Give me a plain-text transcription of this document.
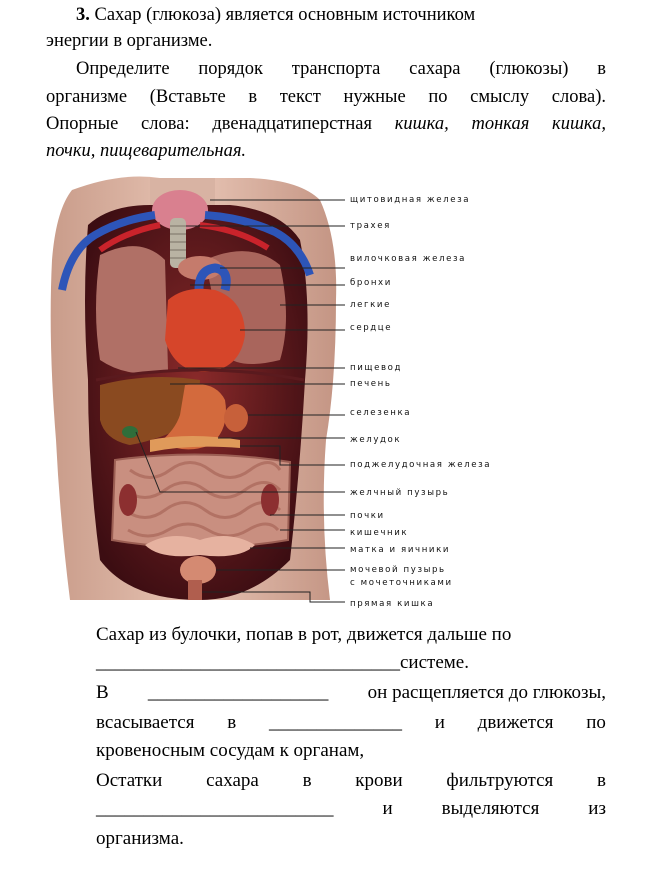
3. Сахар (глюкоза) является основным источником
энергии в организме.
Определите порядок транспорта сахара (глюкозы) в
организме (Вставьте в текст нужные по смыслу слова).
Опорные слова: двенадцатиперстная кишка, тонкая кишка,
почки, пищеварительная.
щитовидная железа
трахея
вилочковая железа
бронхи
легкие
сердце
пищевод
печень
селезенка
желудок
поджелудочная железа
желчный пузырь
почки
кишечник
матка и яичники
мочевой пузырь
с мочеточниками
прямая кишка
Сахар из булочки, попав в рот, движется дальше по
________________________________ системе.
В ___________________ он расщепляется до глюкозы,
всасывается в ______________ и движется по
кровеносным сосудам к органам,
Остатки сахара в крови фильтруются в
_________________________	и	выделяются	из
организма.
